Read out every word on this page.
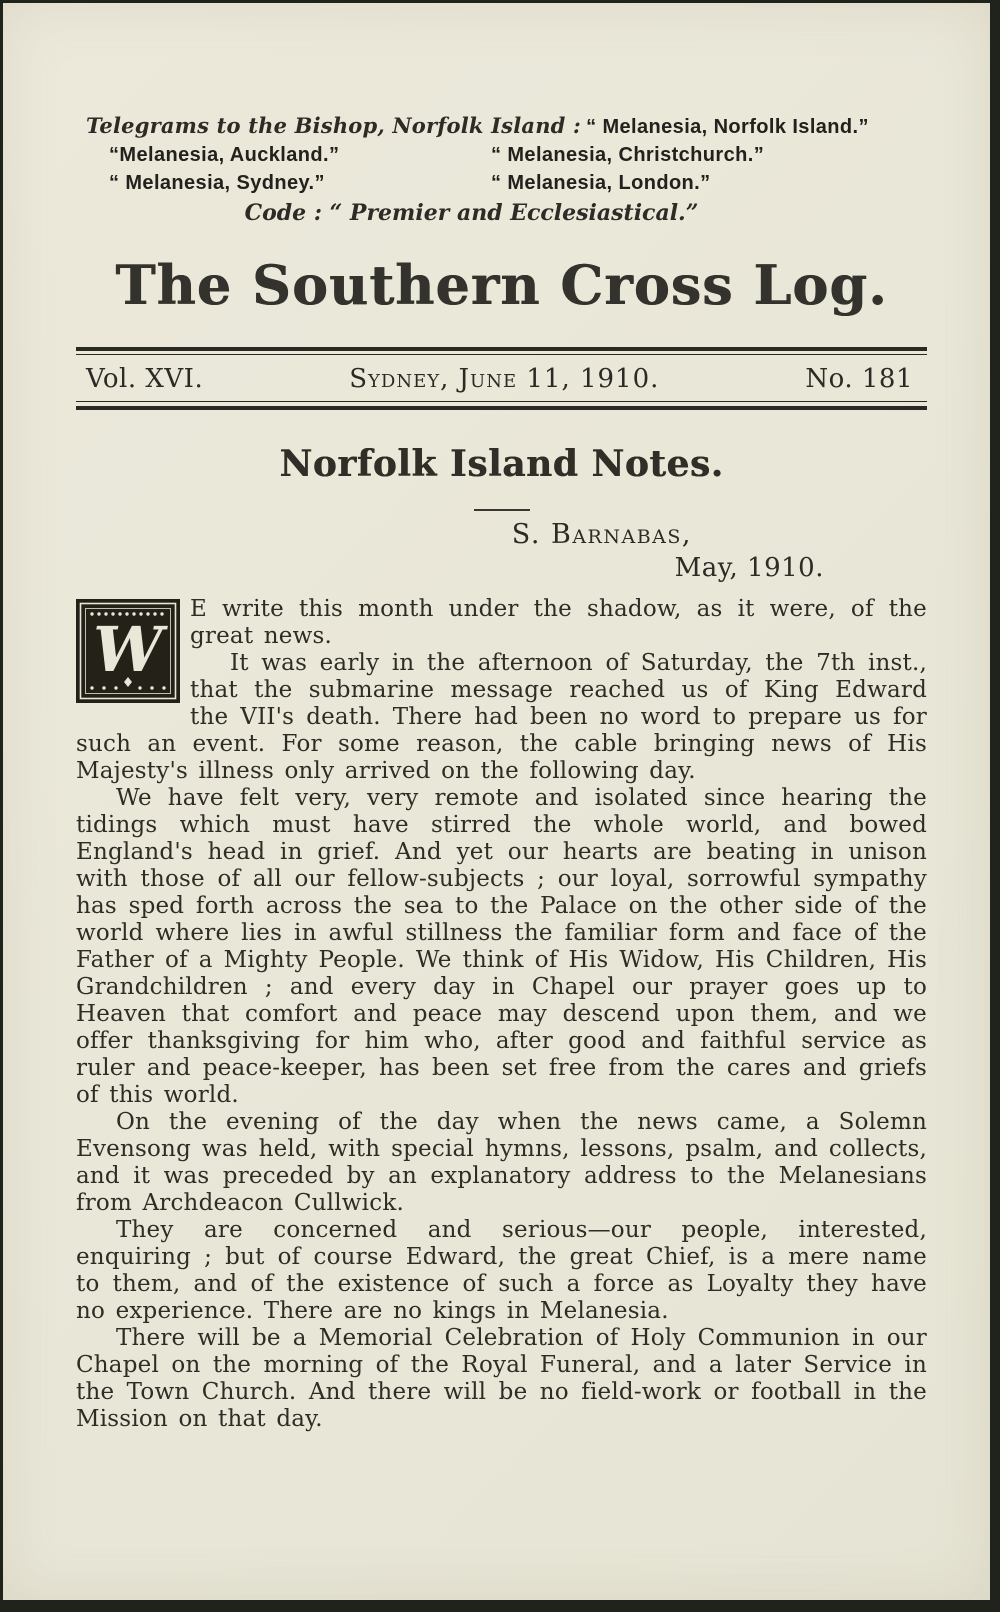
Telegrams to the Bishop, Norfolk Island : “ Melanesia, Norfolk Island.”
“Melanesia, Auckland.”	“ Melanesia, Christchurch.”
“ Melanesia, Sydney.”	“ Melanesia, London.”
Code : “ Premier and Ecclesiastical.”
The Southern Cross Log.
Vol. XVI.	Sydney, June 11, 1910.	No. 181
Norfolk Island Notes.
S. Barnabas,
May, 1910.
W

E write this month under the shadow, as it were, of the great news.

It was early in the afternoon of Saturday, the 7th inst., that the submarine message reached us of King Edward the VII's death. There had been no word to prepare us for such an event. For some reason, the cable bringing news of His Majesty's illness only arrived on the following day.

We have felt very, very remote and isolated since hearing the tidings which must have stirred the whole world, and bowed England's head in grief. And yet our hearts are beating in unison with those of all our fellow-subjects ; our loyal, sorrowful sympathy has sped forth across the sea to the Palace on the other side of the world where lies in awful stillness the familiar form and face of the Father of a Mighty People. We think of His Widow, His Children, His Grandchildren ; and every day in Chapel our prayer goes up to Heaven that comfort and peace may descend upon them, and we offer thanksgiving for him who, after good and faithful service as ruler and peace-keeper, has been set free from the cares and griefs of this world.

On the evening of the day when the news came, a Solemn Evensong was held, with special hymns, lessons, psalm, and collects, and it was preceded by an explanatory address to the Melanesians from Archdeacon Cullwick.

They are concerned and serious—our people, interested, enquiring ; but of course Edward, the great Chief, is a mere name to them, and of the existence of such a force as Loyalty they have no experience. There are no kings in Melanesia.

There will be a Memorial Celebration of Holy Communion in our Chapel on the morning of the Royal Funeral, and a later Service in the Town Church. And there will be no field-work or football in the Mission on that day.
